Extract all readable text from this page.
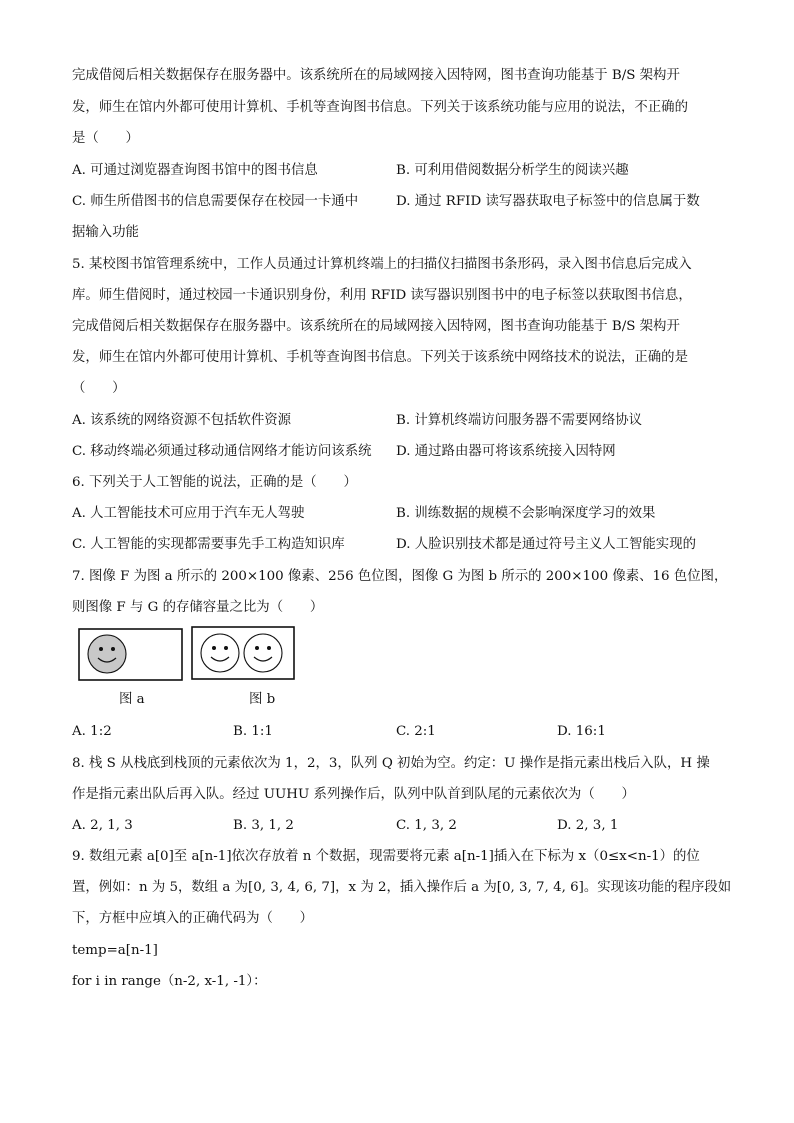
完成借阅后相关数据保存在服务器中。该系统所在的局域网接入因特网，图书查询功能基于 B/S 架构开
发，师生在馆内外都可使用计算机、手机等查询图书信息。下列关于该系统功能与应用的说法，不正确的
是（　　）
A. 可通过浏览器查询图书馆中的图书信息	B. 可利用借阅数据分析学生的阅读兴趣
C. 师生所借图书的信息需要保存在校园一卡通中	D. 通过 RFID 读写器获取电子标签中的信息属于数
据输入功能
5. 某校图书馆管理系统中，工作人员通过计算机终端上的扫描仪扫描图书条形码，录入图书信息后完成入
库。师生借阅时，通过校园一卡通识别身份，利用 RFID 读写器识别图书中的电子标签以获取图书信息，
完成借阅后相关数据保存在服务器中。该系统所在的局域网接入因特网，图书查询功能基于 B/S 架构开
发，师生在馆内外都可使用计算机、手机等查询图书信息。下列关于该系统中网络技术的说法，正确的是
（　　）
A. 该系统的网络资源不包括软件资源	B. 计算机终端访问服务器不需要网络协议
C. 移动终端必须通过移动通信网络才能访问该系统 D. 通过路由器可将该系统接入因特网
6. 下列关于人工智能的说法，正确的是（　　）
A. 人工智能技术可应用于汽车无人驾驶	B. 训练数据的规模不会影响深度学习的效果
C. 人工智能的实现都需要事先手工构造知识库	D. 人脸识别技术都是通过符号主义人工智能实现的
7. 图像 F 为图 a 所示的 200×100 像素、256 色位图，图像 G 为图 b 所示的 200×100 像素、16 色位图，
则图像 F 与 G 的存储容量之比为（　　）
图 a	图 b
A. 1:2	B. 1:1	C. 2:1	D. 16:1
8. 栈 S 从栈底到栈顶的元素依次为 1，2，3，队列 Q 初始为空。约定：U 操作是指元素出栈后入队，H 操
作是指元素出队后再入队。经过 UUHU 系列操作后，队列中队首到队尾的元素依次为（　　）
A. 2, 1, 3	B. 3, 1, 2	C. 1, 3, 2	D. 2, 3, 1
9. 数组元素 a[0]至 a[n-1]依次存放着 n 个数据，现需要将元素 a[n-1]插入在下标为 x（0≤x<n-1）的位
置，例如：n 为 5，数组 a 为[0, 3, 4, 6, 7]，x 为 2，插入操作后 a 为[0, 3, 7, 4, 6]。实现该功能的程序段如
下，方框中应填入的正确代码为（　　）
temp=a[n-1]
for i in range（n-2, x-1, -1）：
